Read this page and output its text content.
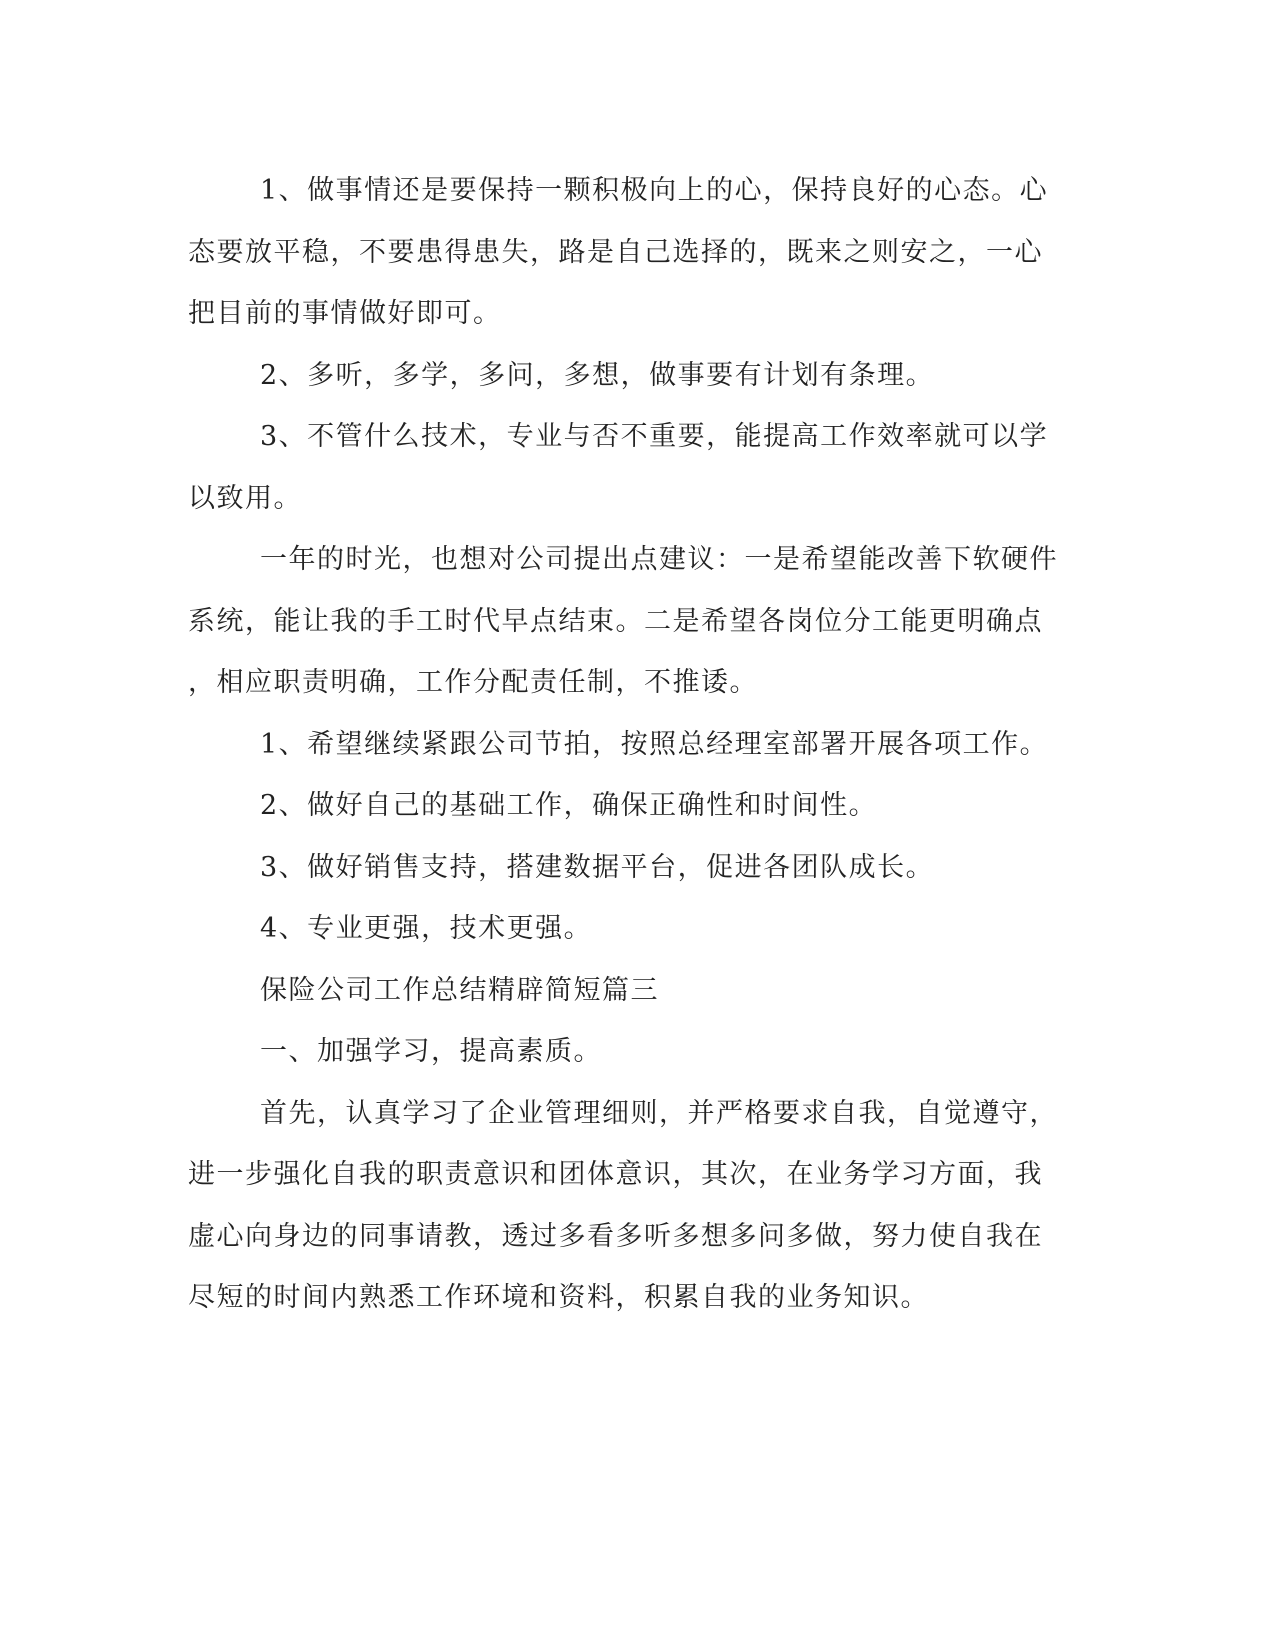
1、做事情还是要保持一颗积极向上的心，保持良好的心态。心
态要放平稳，不要患得患失，路是自己选择的，既来之则安之，一心
把目前的事情做好即可。

2、多听，多学，多问，多想，做事要有计划有条理。

3、不管什么技术，专业与否不重要，能提高工作效率就可以学
以致用。

一年的时光，也想对公司提出点建议：一是希望能改善下软硬件
系统，能让我的手工时代早点结束。二是希望各岗位分工能更明确点
，相应职责明确，工作分配责任制，不推诿。

1、希望继续紧跟公司节拍，按照总经理室部署开展各项工作。

2、做好自己的基础工作，确保正确性和时间性。

3、做好销售支持，搭建数据平台，促进各团队成长。

4、专业更强，技术更强。

保险公司工作总结精辟简短篇三

一、加强学习，提高素质。

首先，认真学习了企业管理细则，并严格要求自我，自觉遵守，
进一步强化自我的职责意识和团体意识，其次，在业务学习方面，我
虚心向身边的同事请教，透过多看多听多想多问多做，努力使自我在
尽短的时间内熟悉工作环境和资料，积累自我的业务知识。
